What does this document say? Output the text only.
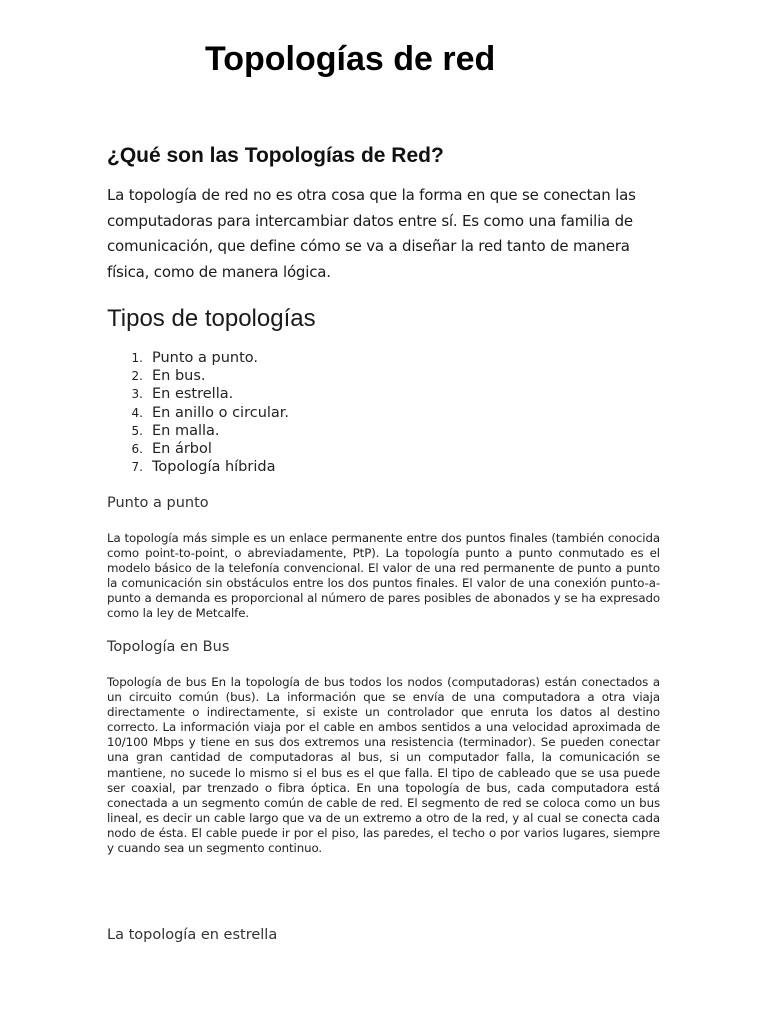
Topologías de red
¿Qué son las Topologías de Red?

La topología de red no es otra cosa que la forma en que se conectan las computadoras para intercambiar datos entre sí. Es como una familia de comunicación, que define cómo se va a diseñar la red tanto de manera física, como de manera lógica.

Tipos de topologías
1. Punto a punto.
2. En bus.
3. En estrella.
4. En anillo o circular.
5. En malla.
6. En árbol
7. Topología híbrida
Punto a punto

La topología más simple es un enlace permanente entre dos puntos finales (también conocida como point-to-point, o abreviadamente, PtP). La topología punto a punto conmutado es el modelo básico de la telefonía convencional. El valor de una red permanente de punto a punto la comunicación sin obstáculos entre los dos puntos finales. El valor de una conexión punto-a-punto a demanda es proporcional al número de pares posibles de abonados y se ha expresado como la ley de Metcalfe.

Topología en Bus

Topología de bus En la topología de bus todos los nodos (computadoras) están conectados a un circuito común (bus). La información que se envía de una computadora a otra viaja directamente o indirectamente, si existe un controlador que enruta los datos al destino correcto. La información viaja por el cable en ambos sentidos a una velocidad aproximada de 10/100 Mbps y tiene en sus dos extremos una resistencia (terminador). Se pueden conectar una gran cantidad de computadoras al bus, si un computador falla, la comunicación se mantiene, no sucede lo mismo si el bus es el que falla. El tipo de cableado que se usa puede ser coaxial, par trenzado o fibra óptica. En una topología de bus, cada computadora está conectada a un segmento común de cable de red. El segmento de red se coloca como un bus lineal, es decir un cable largo que va de un extremo a otro de la red, y al cual se conecta cada nodo de ésta. El cable puede ir por el piso, las paredes, el techo o por varios lugares, siempre y cuando sea un segmento continuo.

La topología en estrella
